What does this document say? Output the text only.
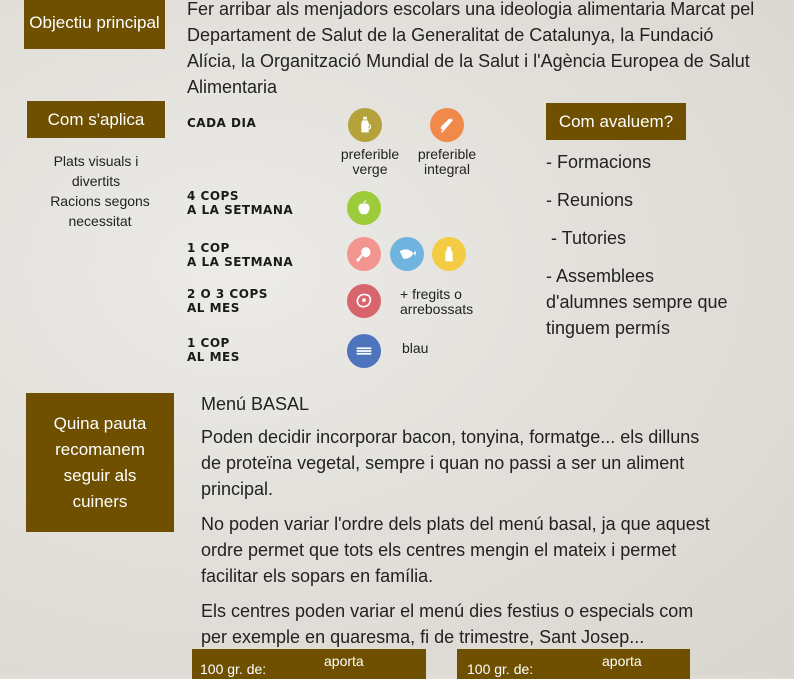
Objectiu principal
Fer arribar als menjadors escolars una ideologia alimentaria Marcat pel Departament de Salut de la Generalitat de Catalunya, la Fundació Alícia, la Organització Mundial de la Salut i l'Agència Europea de Salut Alimentaria
Com s'aplica
Plats visuals i divertits
Racions segons necessitat
CADA DIA
preferible verge
preferible integral
4 COPS
A LA SETMANA
1 COP
A LA SETMANA
2 O 3 COPS
AL MES
+ fregits o arrebossats
1 COP
AL MES
blau
Com avaluem?
- Formacions
- Reunions
- Tutories
- Assemblees d'alumnes sempre que tinguem permís
Quina pauta recomanem seguir als cuiners
Menú BASAL
Poden decidir incorporar bacon, tonyina, formatge... els dilluns de proteïna vegetal, sempre i quan no passi a ser un aliment principal.
No poden variar l'ordre dels plats del menú basal, ja que aquest ordre permet que tots els centres mengin el mateix i permet facilitar els sopars en família.
Els centres poden variar el menú dies festius o especials com per exemple en quaresma, fi de trimestre, Sant Josep...
100 gr. de:	aporta	100 gr. de:	aporta
